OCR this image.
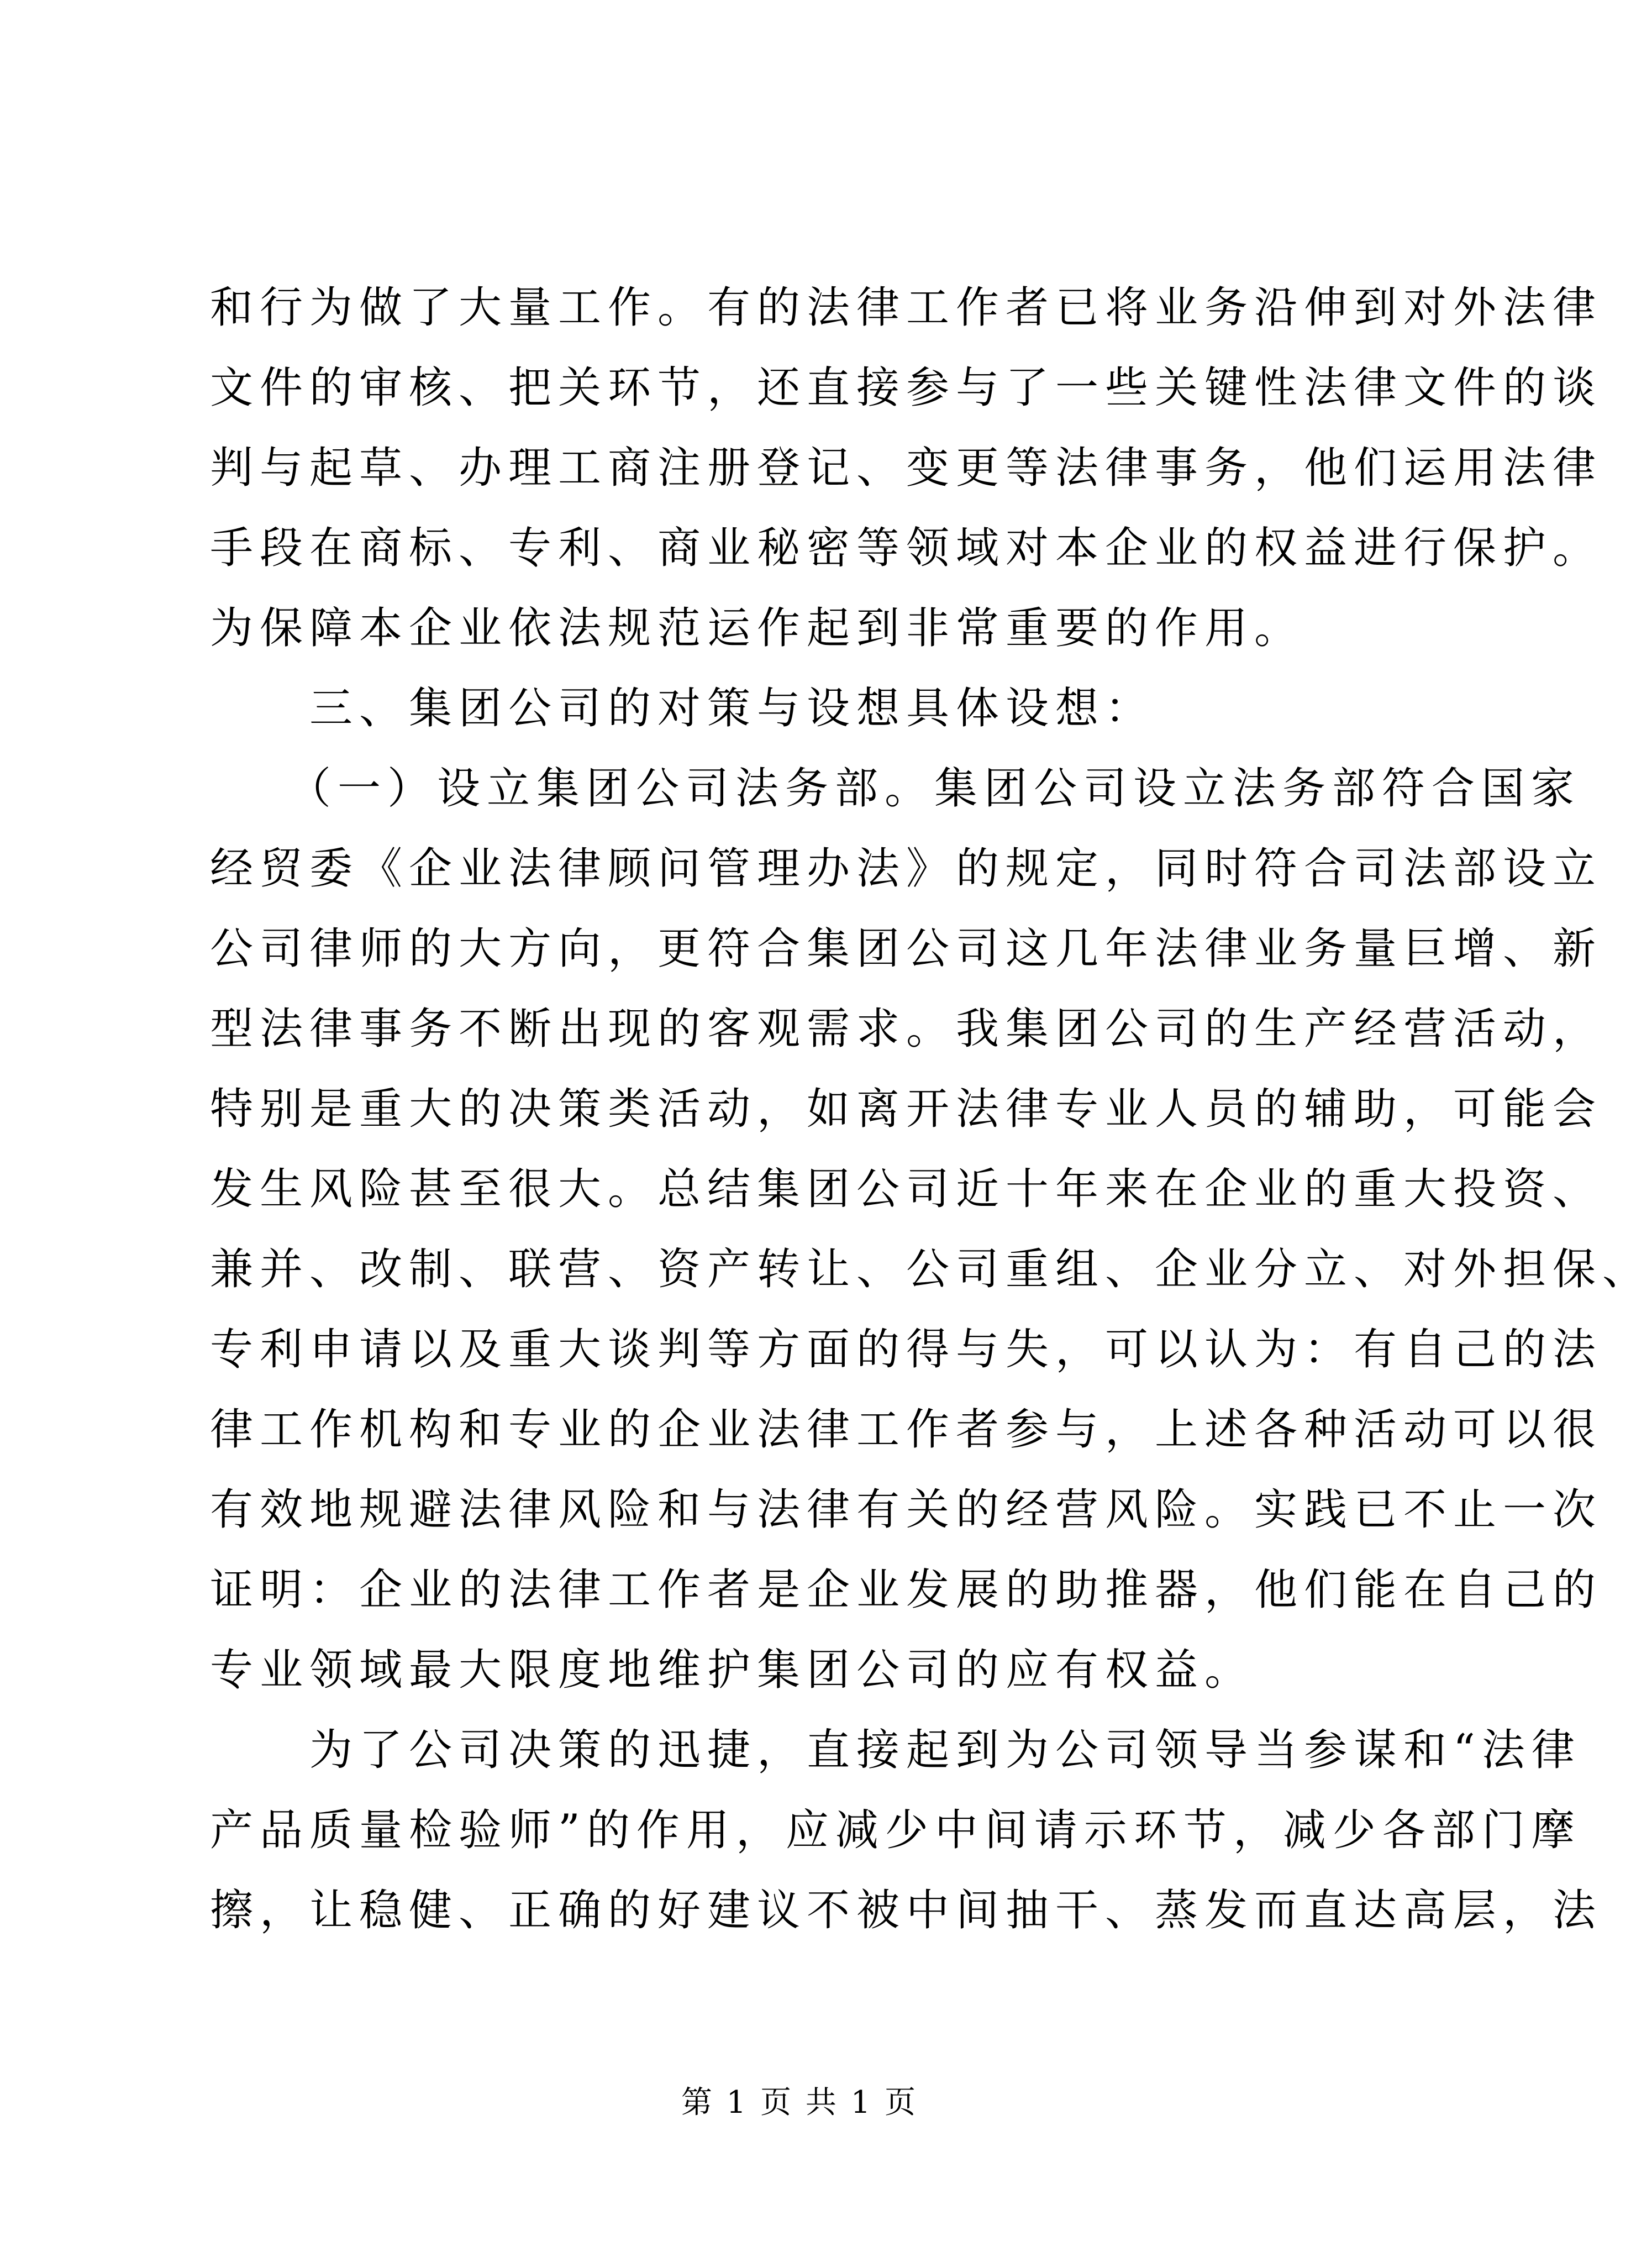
和行为做了大量工作。有的法律工作者已将业务沿伸到对外法律
文件的审核、把关环节，还直接参与了一些关键性法律文件的谈
判与起草、办理工商注册登记、变更等法律事务，他们运用法律
手段在商标、专利、商业秘密等领域对本企业的权益进行保护。
为保障本企业依法规范运作起到非常重要的作用。
　　三、集团公司的对策与设想具体设想：
　　（一）设立集团公司法务部。集团公司设立法务部符合国家
经贸委《企业法律顾问管理办法》的规定，同时符合司法部设立
公司律师的大方向，更符合集团公司这几年法律业务量巨增、新
型法律事务不断出现的客观需求。我集团公司的生产经营活动，
特别是重大的决策类活动，如离开法律专业人员的辅助，可能会
发生风险甚至很大。总结集团公司近十年来在企业的重大投资、
兼并、改制、联营、资产转让、公司重组、企业分立、对外担保、
专利申请以及重大谈判等方面的得与失，可以认为：有自己的法
律工作机构和专业的企业法律工作者参与，上述各种活动可以很
有效地规避法律风险和与法律有关的经营风险。实践已不止一次
证明：企业的法律工作者是企业发展的助推器，他们能在自己的
专业领域最大限度地维护集团公司的应有权益。
　　为了公司决策的迅捷，直接起到为公司领导当参谋和“法律
产品质量检验师”的作用，应减少中间请示环节，减少各部门摩
擦，让稳健、正确的好建议不被中间抽干、蒸发而直达高层，法
第 1 页 共 1 页
